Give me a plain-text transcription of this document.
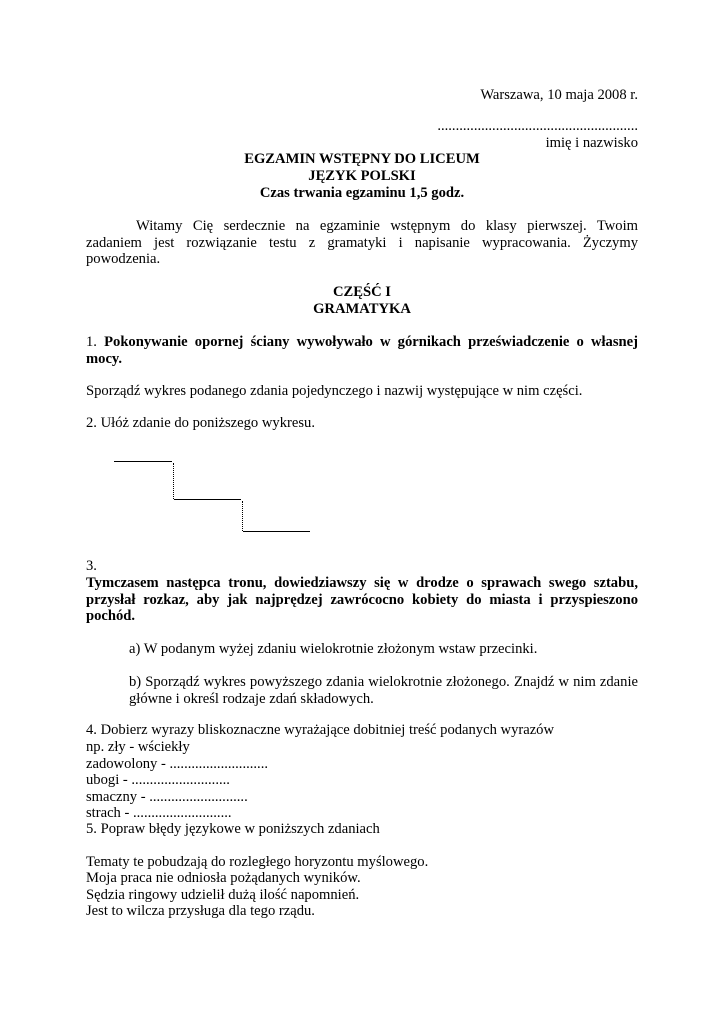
Warszawa, 10 maja 2008 r.
.......................................................
imię i nazwisko
EGZAMIN WSTĘPNY DO LICEUM
JĘZYK POLSKI
Czas trwania egzaminu 1,5 godz.
Witamy Cię serdecznie na egzaminie wstępnym do klasy pierwszej. Twoim
zadaniem jest rozwiązanie testu z gramatyki i napisanie wypracowania. Życzymy
powodzenia.
CZĘŚĆ I
GRAMATYKA
1. Pokonywanie opornej ściany wywoływało w górnikach przeświadczenie o własnej
mocy.
Sporządź wykres podanego zdania pojedynczego i nazwij występujące w nim części.
2. Ułóż zdanie do poniższego wykresu.
3.
Tymczasem następca tronu, dowiedziawszy się w drodze o sprawach swego sztabu,
przysłał rozkaz, aby jak najprędzej zawrócocno kobiety do miasta i przyspieszono
pochód.
a) W podanym wyżej zdaniu wielokrotnie złożonym wstaw przecinki.
b) Sporządź wykres powyższego zdania wielokrotnie złożonego. Znajdź w nim zdanie
główne i określ rodzaje zdań składowych.
4. Dobierz wyrazy bliskoznaczne wyrażające dobitniej treść podanych wyrazów
np. zły - wściekły
zadowolony - ...........................
ubogi - ...........................
smaczny - ...........................
strach - ...........................
5. Popraw błędy językowe w poniższych zdaniach
Tematy te pobudzają do rozległego horyzontu myślowego.
Moja praca nie odniosła pożądanych wyników.
Sędzia ringowy udzielił dużą ilość napomnień.
Jest to wilcza przysługa dla tego rządu.
